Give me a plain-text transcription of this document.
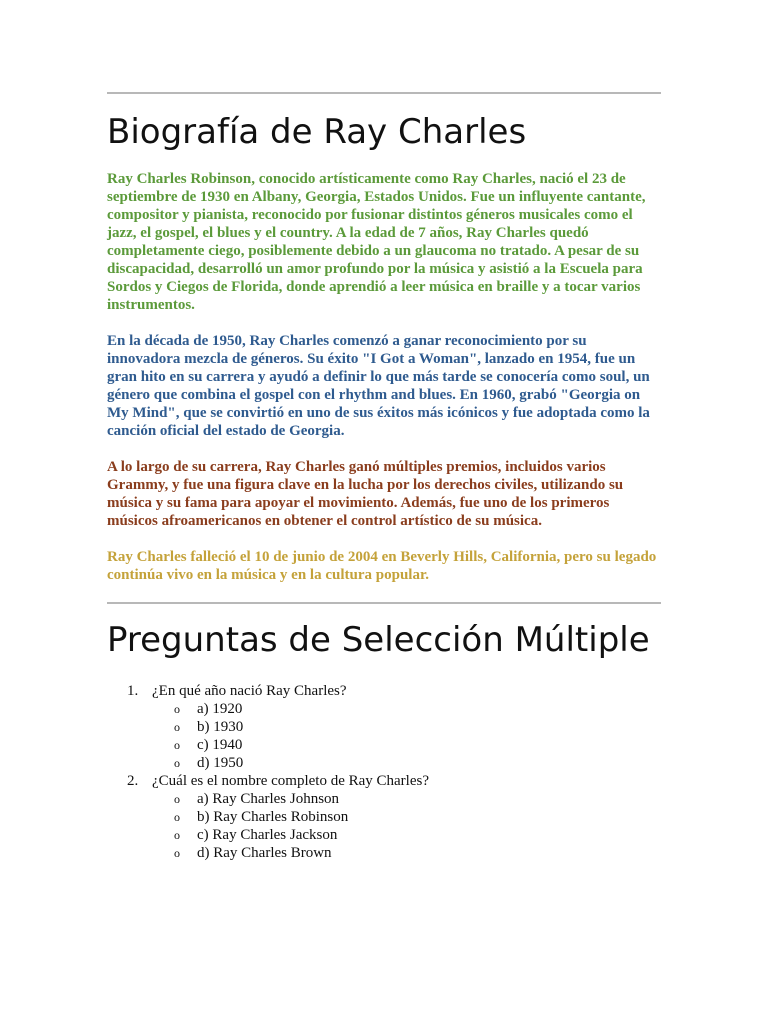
Biografía de Ray Charles

Ray Charles Robinson, conocido artísticamente como Ray Charles, nació el 23 de septiembre de 1930 en Albany, Georgia, Estados Unidos. Fue un influyente cantante, compositor y pianista, reconocido por fusionar distintos géneros musicales como el jazz, el gospel, el blues y el country. A la edad de 7 años, Ray Charles quedó completamente ciego, posiblemente debido a un glaucoma no tratado. A pesar de su discapacidad, desarrolló un amor profundo por la música y asistió a la Escuela para Sordos y Ciegos de Florida, donde aprendió a leer música en braille y a tocar varios instrumentos.

En la década de 1950, Ray Charles comenzó a ganar reconocimiento por su innovadora mezcla de géneros. Su éxito "I Got a Woman", lanzado en 1954, fue un gran hito en su carrera y ayudó a definir lo que más tarde se conocería como soul, un género que combina el gospel con el rhythm and blues. En 1960, grabó "Georgia on My Mind", que se convirtió en uno de sus éxitos más icónicos y fue adoptada como la canción oficial del estado de Georgia.

A lo largo de su carrera, Ray Charles ganó múltiples premios, incluidos varios Grammy, y fue una figura clave en la lucha por los derechos civiles, utilizando su música y su fama para apoyar el movimiento. Además, fue uno de los primeros músicos afroamericanos en obtener el control artístico de su música.

Ray Charles falleció el 10 de junio de 2004 en Beverly Hills, California, pero su legado continúa vivo en la música y en la cultura popular.

Preguntas de Selección Múltiple
1. ¿En qué año nació Ray Charles?
o a) 1920
o b) 1930
o c) 1940
o d) 1950
2. ¿Cuál es el nombre completo de Ray Charles?
o a) Ray Charles Johnson
o b) Ray Charles Robinson
o c) Ray Charles Jackson
o d) Ray Charles Brown
